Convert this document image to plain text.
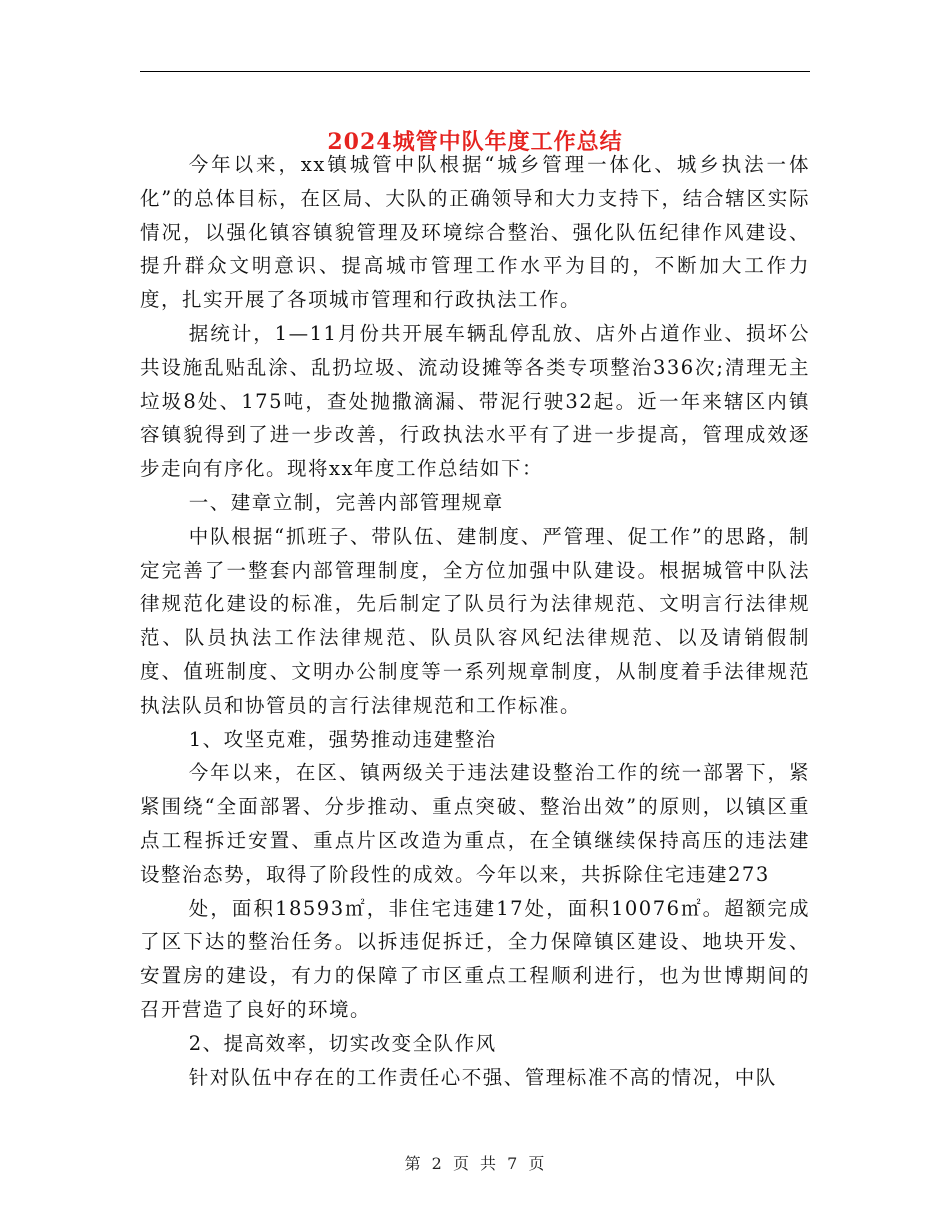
2024城管中队年度工作总结

今年以来，xx镇城管中队根据“城乡管理一体化、城乡执法一体化”的总体目标，在区局、大队的正确领导和大力支持下，结合辖区实际情况，以强化镇容镇貌管理及环境综合整治、强化队伍纪律作风建设、提升群众文明意识、提高城市管理工作水平为目的，不断加大工作力度，扎实开展了各项城市管理和行政执法工作。

据统计，1—11月份共开展车辆乱停乱放、店外占道作业、损坏公共设施乱贴乱涂、乱扔垃圾、流动设摊等各类专项整治336次;清理无主垃圾8处、175吨，查处抛撒滴漏、带泥行驶32起。近一年来辖区内镇容镇貌得到了进一步改善，行政执法水平有了进一步提高，管理成效逐步走向有序化。现将xx年度工作总结如下：

一、建章立制，完善内部管理规章

中队根据“抓班子、带队伍、建制度、严管理、促工作”的思路，制定完善了一整套内部管理制度，全方位加强中队建设。根据城管中队法律规范化建设的标准，先后制定了队员行为法律规范、文明言行法律规范、队员执法工作法律规范、队员队容风纪法律规范、以及请销假制度、值班制度、文明办公制度等一系列规章制度，从制度着手法律规范执法队员和协管员的言行法律规范和工作标准。

1、攻坚克难，强势推动违建整治

今年以来，在区、镇两级关于违法建设整治工作的统一部署下，紧紧围绕“全面部署、分步推动、重点突破、整治出效”的原则，以镇区重点工程拆迁安置、重点片区改造为重点，在全镇继续保持高压的违法建设整治态势，取得了阶段性的成效。今年以来，共拆除住宅违建273

处，面积18593㎡，非住宅违建17处，面积10076㎡。超额完成了区下达的整治任务。以拆违促拆迁，全力保障镇区建设、地块开发、安置房的建设，有力的保障了市区重点工程顺利进行，也为世博期间的召开营造了良好的环境。

2、提高效率，切实改变全队作风

针对队伍中存在的工作责任心不强、管理标准不高的情况，中队

第 2 页 共 7 页
